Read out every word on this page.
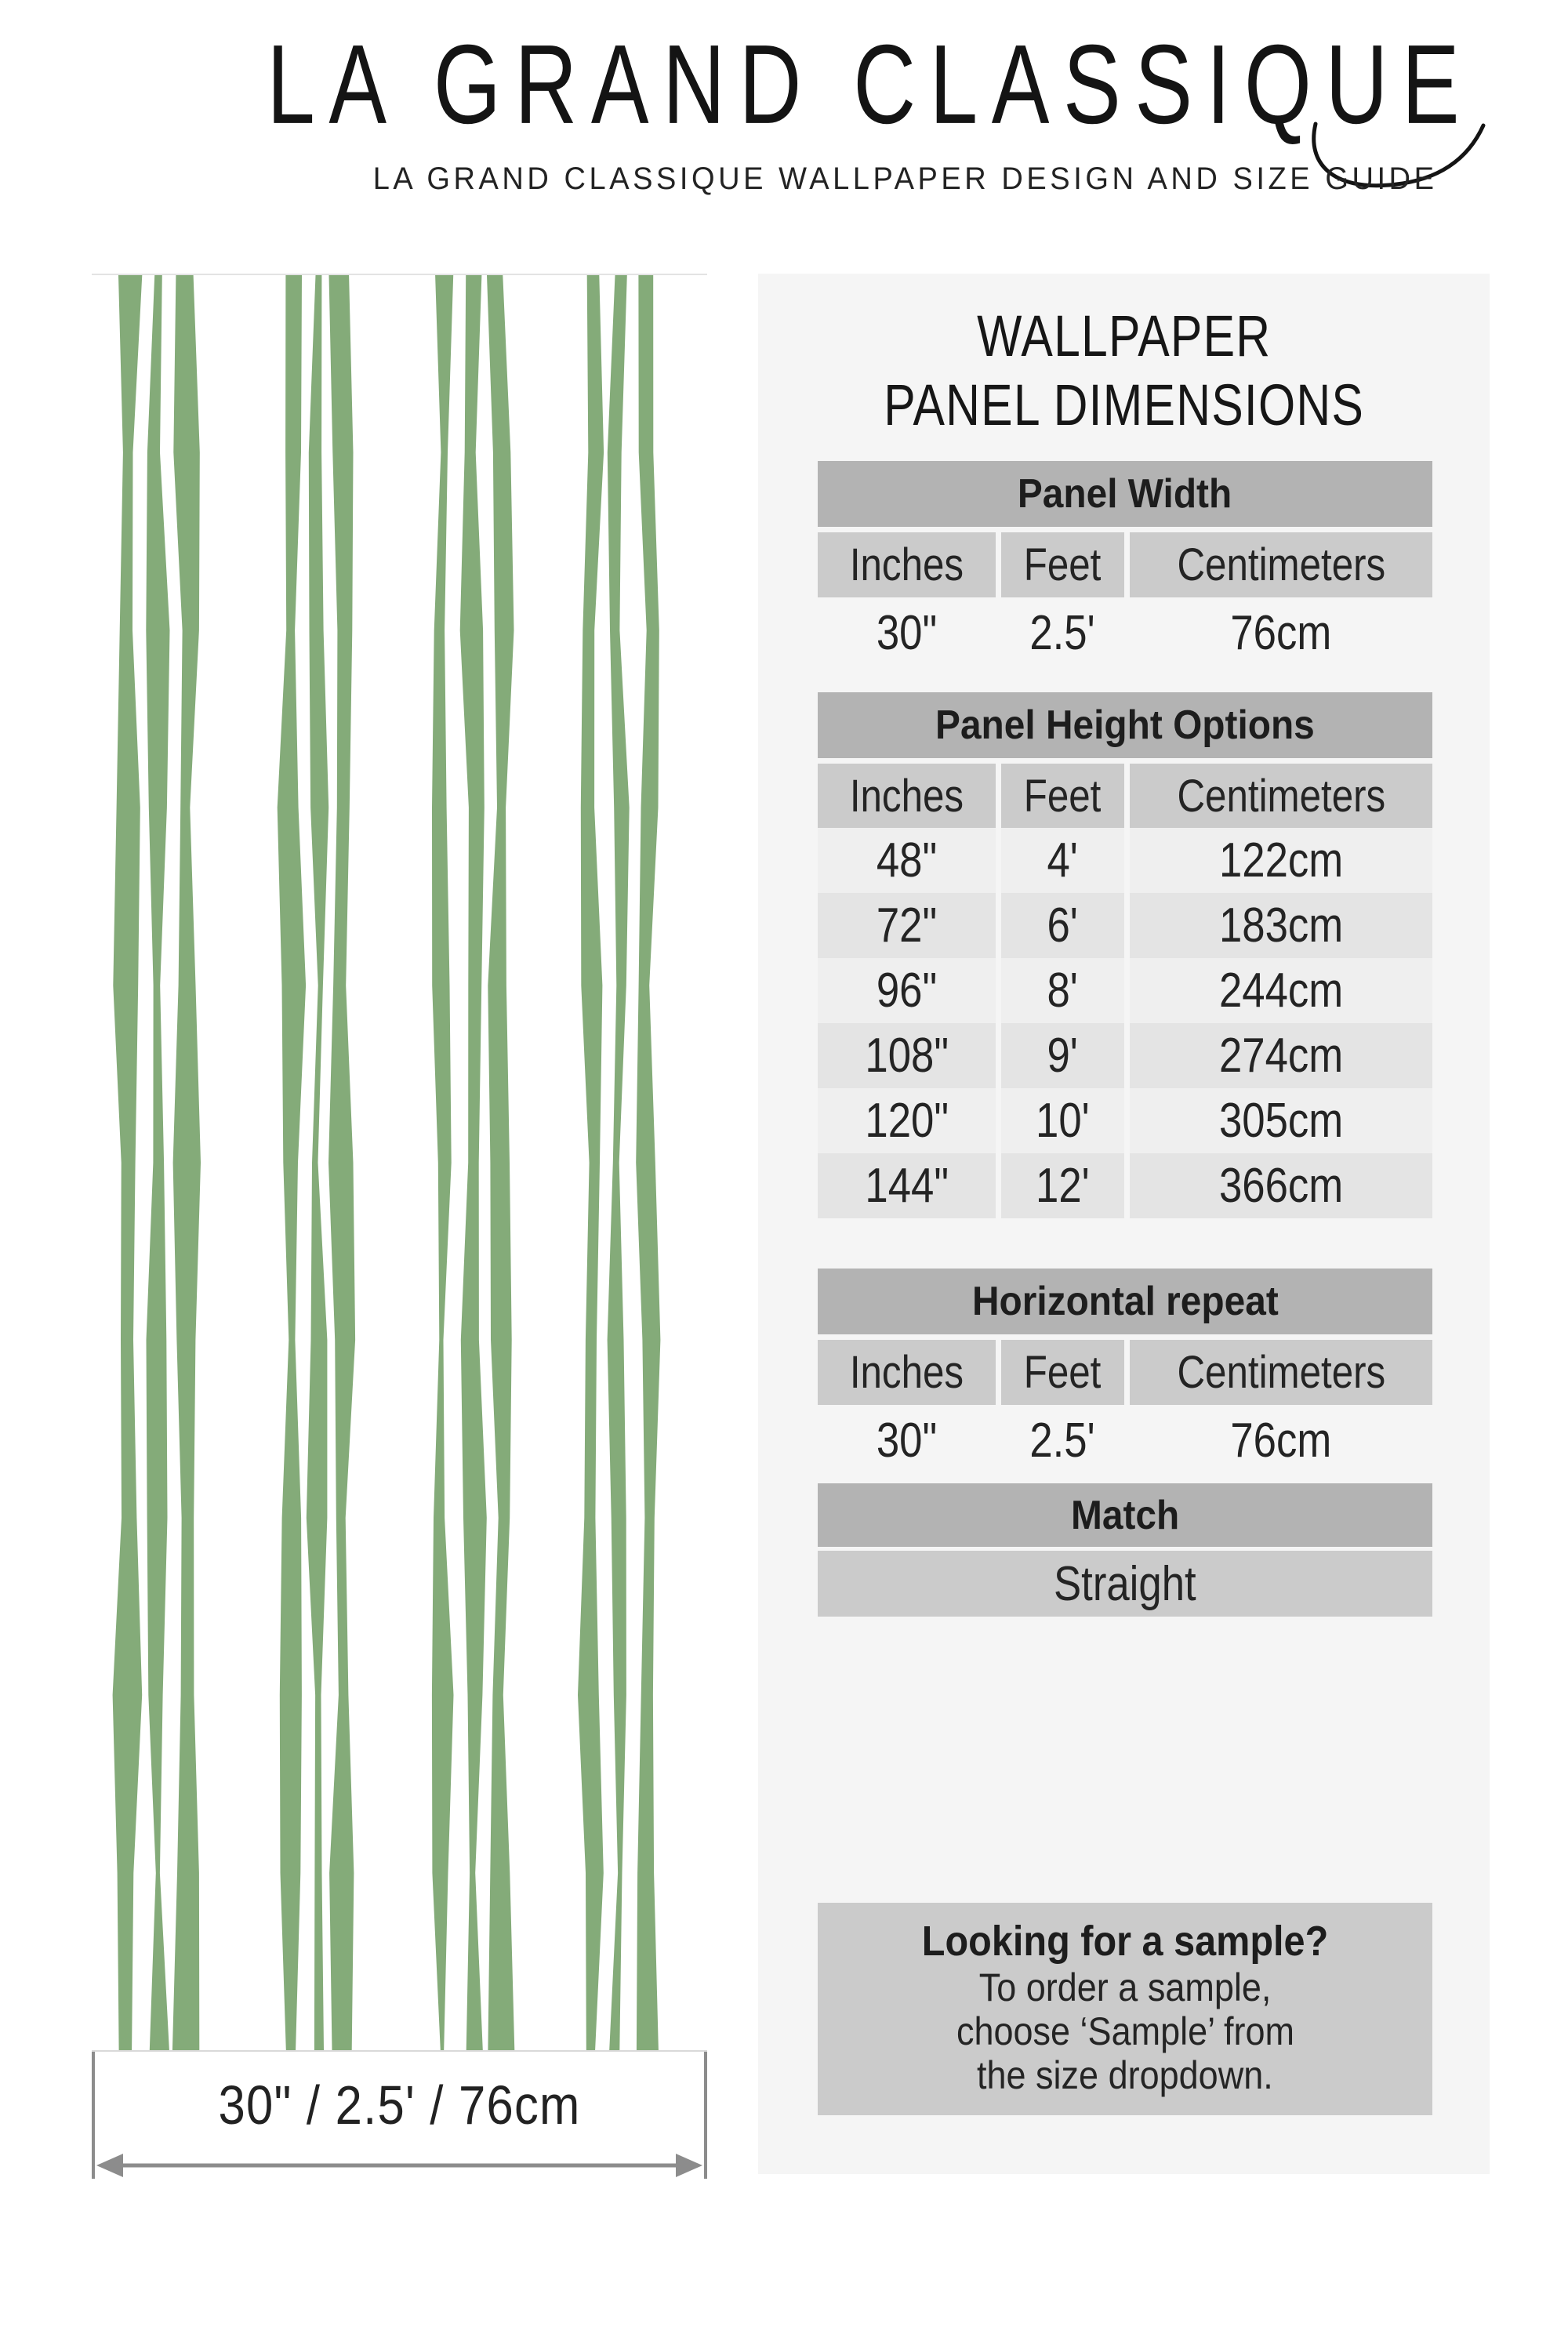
LA GRAND CLASSIQUE
LA GRAND CLASSIQUE WALLPAPER DESIGN AND SIZE GUIDE
30" / 2.5' / 76cm
WALLPAPER
PANEL DIMENSIONS
Panel Width
Inches Feet Centimeters
30" 2.5'	76cm
Panel Height Options
Inches Feet Centimeters
48" 4'	122cm
72" 6'	183cm
96" 8'	244cm
108" 9'	274cm
120" 10'	305cm
144" 12'	366cm
Horizontal repeat
Inches Feet Centimeters
30" 2.5'	76cm
Match
Straight
Looking for a sample?
To order a sample,
choose ‘Sample’ from
the size dropdown.
